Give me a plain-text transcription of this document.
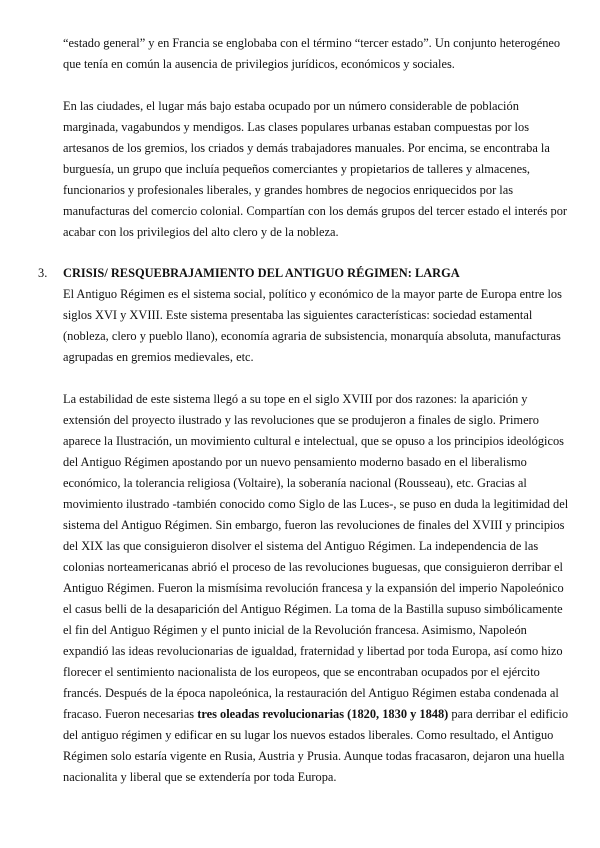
“estado general” y en Francia se englobaba con el término “tercer estado”. Un conjunto heterogéneo que tenía en común la ausencia de privilegios jurídicos, económicos y sociales.

En las ciudades, el lugar más bajo estaba ocupado por un número considerable de población marginada, vagabundos y mendigos. Las clases populares urbanas estaban compuestas por los artesanos de los gremios, los criados y demás trabajadores manuales. Por encima, se encontraba la burguesía, un grupo que incluía pequeños comerciantes y propietarios de talleres y almacenes, funcionarios y profesionales liberales, y grandes hombres de negocios enriquecidos por las manufacturas del comercio colonial. Compartían con los demás grupos del tercer estado el interés por acabar con los privilegios del alto clero y de la nobleza.

3. CRISIS/ RESQUEBRAJAMIENTO DEL ANTIGUO RÉGIMEN: LARGA

El Antiguo Régimen es el sistema social, político y económico de la mayor parte de Europa entre los siglos XVI y XVIII. Este sistema presentaba las siguientes características: sociedad estamental (nobleza, clero y pueblo llano), economía agraria de subsistencia, monarquía absoluta, manufacturas agrupadas en gremios medievales, etc.

La estabilidad de este sistema llegó a su tope en el siglo XVIII por dos razones: la aparición y extensión del proyecto ilustrado y las revoluciones que se produjeron a finales de siglo. Primero aparece la Ilustración, un movimiento cultural e intelectual, que se opuso a los principios ideológicos del Antiguo Régimen apostando por un nuevo pensamiento moderno basado en el liberalismo económico, la tolerancia religiosa (Voltaire), la soberanía nacional (Rousseau), etc. Gracias al movimiento ilustrado -también conocido como Siglo de las Luces-, se puso en duda la legitimidad del sistema del Antiguo Régimen. Sin embargo, fueron las revoluciones de finales del XVIII y principios del XIX las que consiguieron disolver el sistema del Antiguo Régimen. La independencia de las colonias norteamericanas abrió el proceso de las revoluciones buguesas, que consiguieron derribar el Antiguo Régimen. Fueron la mismísima revolución francesa y la expansión del imperio Napoleónico el casus belli de la desaparición del Antiguo Régimen. La toma de la Bastilla supuso simbólicamente el fin del Antiguo Régimen y el punto inicial de la Revolución francesa. Asimismo, Napoleón expandió las ideas revolucionarias de igualdad, fraternidad y libertad por toda Europa, así como hizo florecer el sentimiento nacionalista de los europeos, que se encontraban ocupados por el ejército francés. Después de la época napoleónica, la restauración del Antiguo Régimen estaba condenada al fracaso. Fueron necesarias tres oleadas revolucionarias (1820, 1830 y 1848) para derribar el edificio del antiguo régimen y edificar en su lugar los nuevos estados liberales. Como resultado, el Antiguo Régimen solo estaría vigente en Rusia, Austria y Prusia. Aunque todas fracasaron, dejaron una huella nacionalita y liberal que se extendería por toda Europa.
